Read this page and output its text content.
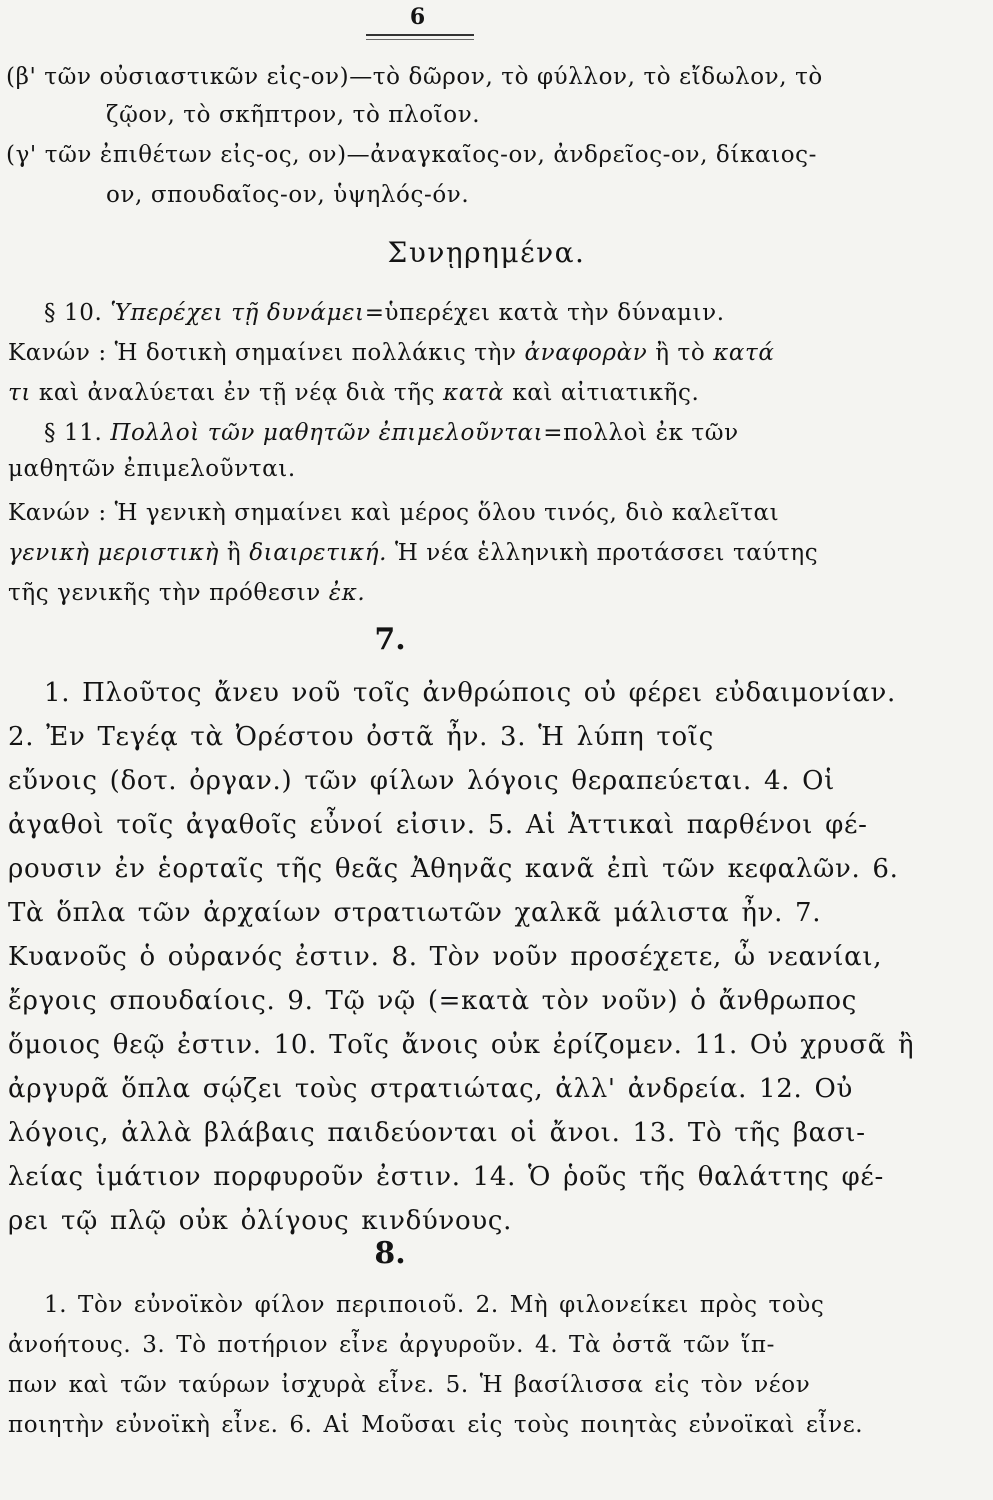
6
(β' τῶν οὐσιαστικῶν εἰς-ον)—τὸ δῶρον, τὸ φύλλον, τὸ εἴδωλον, τὸ
ζῷον, τὸ σκῆπτρον, τὸ πλοῖον.
(γ' τῶν ἐπιθέτων εἰς-ος, ον)—ἀναγκαῖος-ον, ἀνδρεῖος-ον, δίκαιος-
ον, σπουδαῖος-ον, ὑψηλός-όν.
Συνῃρημένα.
§ 10. Ὑπερέχει τῇ δυνάμει=ὑπερέχει κατὰ τὴν δύναμιν.
Κανών : Ἡ δοτικὴ σημαίνει πολλάκις τὴν ἀναφορὰν ἢ τὸ κατά
τι καὶ ἀναλύεται ἐν τῇ νέᾳ διὰ τῆς κατὰ καὶ αἰτιατικῆς.
§ 11. Πολλοὶ τῶν μαθητῶν ἐπιμελοῦνται=πολλοὶ ἐκ τῶν
μαθητῶν ἐπιμελοῦνται.
Κανών : Ἡ γενικὴ σημαίνει καὶ μέρος ὅλου τινός, διὸ καλεῖται
γενικὴ μεριστικὴ ἢ διαιρετική. Ἡ νέα ἑλληνικὴ προτάσσει ταύτης
τῆς γενικῆς τὴν πρόθεσιν ἐκ.
7.
1. Πλοῦτος ἄνευ νοῦ τοῖς ἀνθρώποις οὐ φέρει εὐδαιμονίαν.
2. Ἐν Τεγέᾳ τὰ Ὀρέστου ὀστᾶ ἦν. 3. Ἡ λύπη τοῖς
εὔνοις (δοτ. ὀργαν.) τῶν φίλων λόγοις θεραπεύεται. 4. Οἱ
ἀγαθοὶ τοῖς ἀγαθοῖς εὖνοί εἰσιν. 5. Αἱ Ἀττικαὶ παρθένοι φέ-
ρουσιν ἐν ἑορταῖς τῆς θεᾶς Ἀθηνᾶς κανᾶ ἐπὶ τῶν κεφαλῶν. 6.
Τὰ ὅπλα τῶν ἀρχαίων στρατιωτῶν χαλκᾶ μάλιστα ἦν. 7.
Κυανοῦς ὁ οὐρανός ἐστιν. 8. Τὸν νοῦν προσέχετε, ὦ νεανίαι,
ἔργοις σπουδαίοις. 9. Τῷ νῷ (=κατὰ τὸν νοῦν) ὁ ἄνθρωπος
ὅμοιος θεῷ ἐστιν. 10. Τοῖς ἄνοις οὐκ ἐρίζομεν. 11. Οὐ χρυσᾶ ἢ
ἀργυρᾶ ὅπλα σῴζει τοὺς στρατιώτας, ἀλλ' ἀνδρεία. 12. Οὐ
λόγοις, ἀλλὰ βλάβαις παιδεύονται οἱ ἄνοι. 13. Τὸ τῆς βασι-
λείας ἱμάτιον πορφυροῦν ἐστιν. 14. Ὁ ῥοῦς τῆς θαλάττης φέ-
ρει τῷ πλῷ οὐκ ὀλίγους κινδύνους.
8.
1. Τὸν εὐνοϊκὸν φίλον περιποιοῦ. 2. Μὴ φιλονείκει πρὸς τοὺς
ἀνοήτους. 3. Τὸ ποτήριον εἶνε ἀργυροῦν. 4. Τὰ ὀστᾶ τῶν ἵπ-
πων καὶ τῶν ταύρων ἰσχυρὰ εἶνε. 5. Ἡ βασίλισσα εἰς τὸν νέον
ποιητὴν εὐνοϊκὴ εἶνε. 6. Αἱ Μοῦσαι εἰς τοὺς ποιητὰς εὐνοϊκαὶ εἶνε.
